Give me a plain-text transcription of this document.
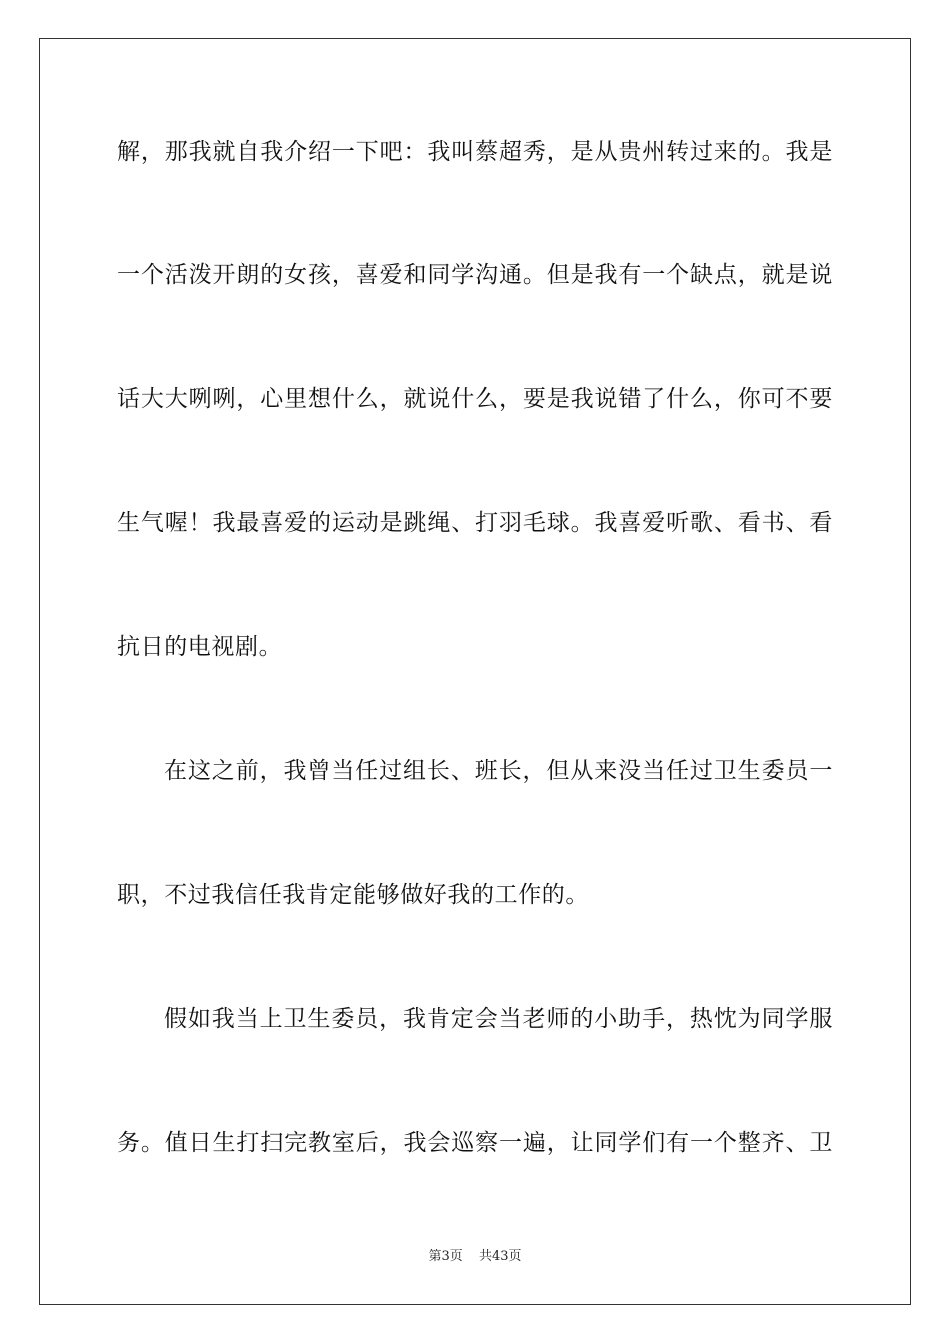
解，那我就自我介绍一下吧：我叫蔡超秀，是从贵州转过来的。我是
一个活泼开朗的女孩，喜爱和同学沟通。但是我有一个缺点，就是说
话大大咧咧，心里想什么，就说什么，要是我说错了什么，你可不要
生气喔！我最喜爱的运动是跳绳、打羽毛球。我喜爱听歌、看书、看
抗日的电视剧。
在这之前，我曾当任过组长、班长，但从来没当任过卫生委员一
职，不过我信任我肯定能够做好我的工作的。
假如我当上卫生委员，我肯定会当老师的小助手，热忱为同学服
务。值日生打扫完教室后，我会巡察一遍，让同学们有一个整齐、卫
第3页 共43页
